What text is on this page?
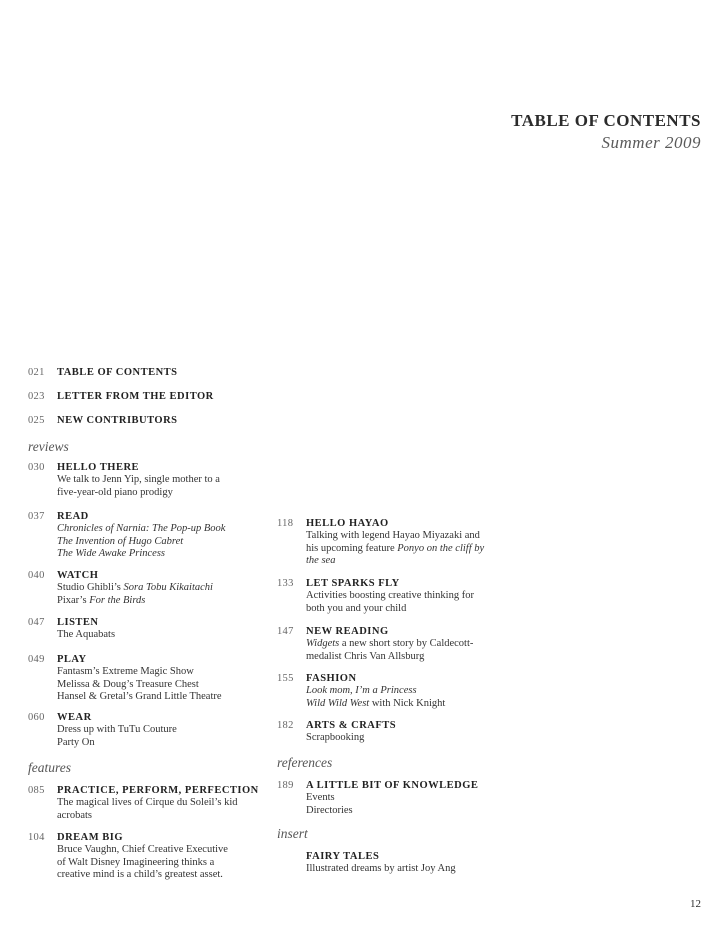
TABLE OF CONTENTS
Summer 2009
reviews
features	references
insert
021 TABLE OF CONTENTS
023 LETTER FROM THE EDITOR
025 NEW CONTRIBUTORS
030 HELLO THERE
We talk to Jenn Yip, single mother to a
five-year-old piano prodigy
037 READ
Chronicles of Narnia: The Pop-up Book
The Invention of Hugo Cabret
The Wide Awake Princess
040 WATCH
Studio Ghibli’s Sora Tobu Kikaitachi
Pixar’s For the Birds
047 LISTEN
The Aquabats
049 PLAY
Fantasm’s Extreme Magic Show
Melissa & Doug’s Treasure Chest
Hansel & Gretal’s Grand Little Theatre
060 WEAR
Dress up with TuTu Couture
Party On
085 PRACTICE, PERFORM, PERFECTION
The magical lives of Cirque du Soleil’s kid
acrobats
104 DREAM BIG
Bruce Vaughn, Chief Creative Executive
of Walt Disney Imagineering thinks a
creative mind is a child’s greatest asset.
118 HELLO HAYAO
Talking with legend Hayao Miyazaki and
his upcoming feature Ponyo on the cliff by
the sea
133 LET SPARKS FLY
Activities boosting creative thinking for
both you and your child
147 NEW READING
Widgets a new short story by Caldecott-
medalist Chris Van Allsburg
155 FASHION
Look mom, I’m a Princess
Wild Wild West with Nick Knight
182 ARTS & CRAFTS
Scrapbooking
189 A LITTLE BIT OF KNOWLEDGE
Events
Directories
FAIRY TALES
Illustrated dreams by artist Joy Ang
12
